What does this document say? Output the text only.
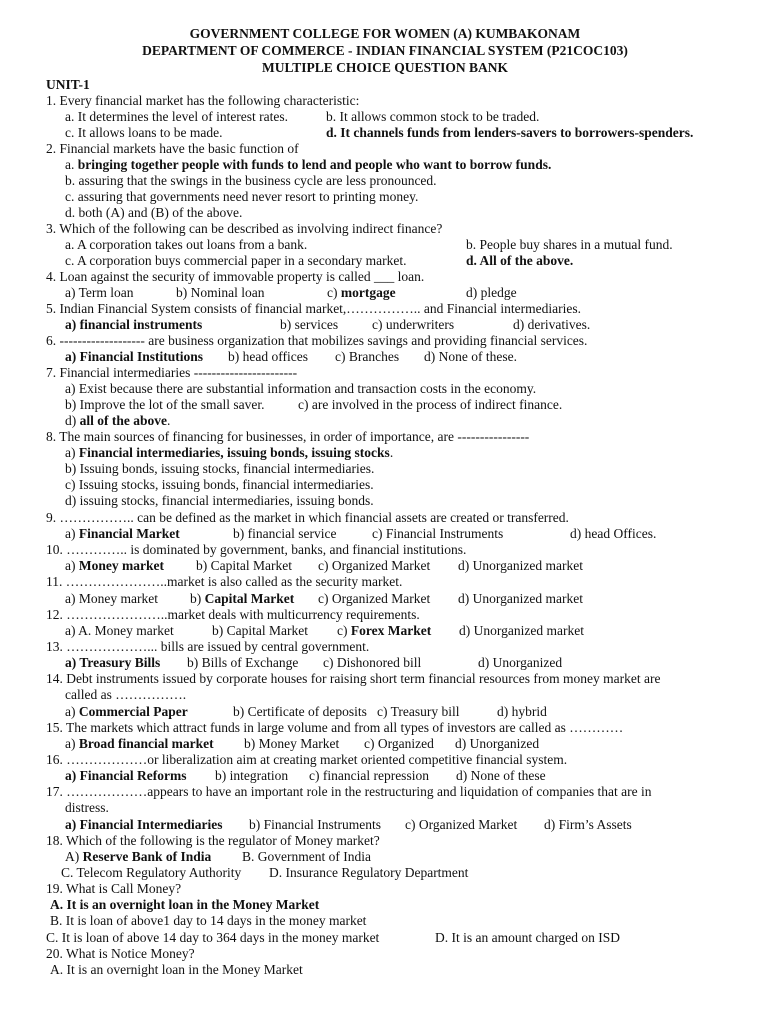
GOVERNMENT COLLEGE FOR WOMEN (A) KUMBAKONAM
DEPARTMENT OF COMMERCE - INDIAN FINANCIAL SYSTEM (P21COC103)
MULTIPLE CHOICE QUESTION BANK
UNIT-1
1. Every financial market has the following characteristic:
a. It determines the level of interest rates.	b. It allows common stock to be traded.
c. It allows loans to be made.	d. It channels funds from lenders-savers to borrowers-spenders.
2. Financial markets have the basic function of
a. bringing together people with funds to lend and people who want to borrow funds.
b. assuring that the swings in the business cycle are less pronounced.
c. assuring that governments need never resort to printing money.
d. both (A) and (B) of the above.
3. Which of the following can be described as involving indirect finance?
a. A corporation takes out loans from a bank.	b. People buy shares in a mutual fund.
c. A corporation buys commercial paper in a secondary market.	d. All of the above.
4. Loan against the security of immovable property is called ___ loan.
a) Term loan	b) Nominal loan	c) mortgage	d) pledge
5. Indian Financial System consists of financial market,…………….. and Financial intermediaries.
a) financial instruments	b) services	c) underwriters	d) derivatives.
6. ------------------- are business organization that mobilizes savings and providing financial services.
a) Financial Institutions b) head offices c) Branches d) None of these.
7. Financial intermediaries -----------------------
a) Exist because there are substantial information and transaction costs in the economy.
b) Improve the lot of the small saver. c) are involved in the process of indirect finance.
d) all of the above.
8. The main sources of financing for businesses, in order of importance, are ----------------
a) Financial intermediaries, issuing bonds, issuing stocks.
b) Issuing bonds, issuing stocks, financial intermediaries.
c) Issuing stocks, issuing bonds, financial intermediaries.
d) issuing stocks, financial intermediaries, issuing bonds.
9. …………….. can be defined as the market in which financial assets are created or transferred.
a) Financial Market	b) financial service	c) Financial Instruments	d) head Offices.
10. ………….. is dominated by government, banks, and financial institutions.
a) Money market b) Capital Market c) Organized Market d) Unorganized market
11. …………………..market is also called as the security market.
a) Money market b) Capital Market c) Organized Market d) Unorganized market
12. …………………..market deals with multicurrency requirements.
a) A. Money market	b) Capital Market c) Forex Market d) Unorganized market
13. ………………... bills are issued by central government.
a) Treasury Bills b) Bills of Exchange c) Dishonored bill	d) Unorganized
14. Debt instruments issued by corporate houses for raising short term financial resources from money market are
called as …………….
a) Commercial Paper	b) Certificate of deposits c) Treasury bill	d) hybrid
15. The markets which attract funds in large volume and from all types of investors are called as …………
a) Broad financial market b) Money Market c) Organized d) Unorganized
16. ………………or liberalization aim at creating market oriented competitive financial system.
a) Financial Reforms b) integration c) financial repression d) None of these
17. ………………appears to have an important role in the restructuring and liquidation of companies that are in
distress.
a) Financial Intermediaries b) Financial Instruments c) Organized Market d) Firm’s Assets
18. Which of the following is the regulator of Money market?
A) Reserve Bank of India B. Government of India
C. Telecom Regulatory Authority D. Insurance Regulatory Department
19. What is Call Money?
A. It is an overnight loan in the Money Market
B. It is loan of above1 day to 14 days in the money market
C. It is loan of above 14 day to 364 days in the money market	D. It is an amount charged on ISD
20. What is Notice Money?
A. It is an overnight loan in the Money Market
